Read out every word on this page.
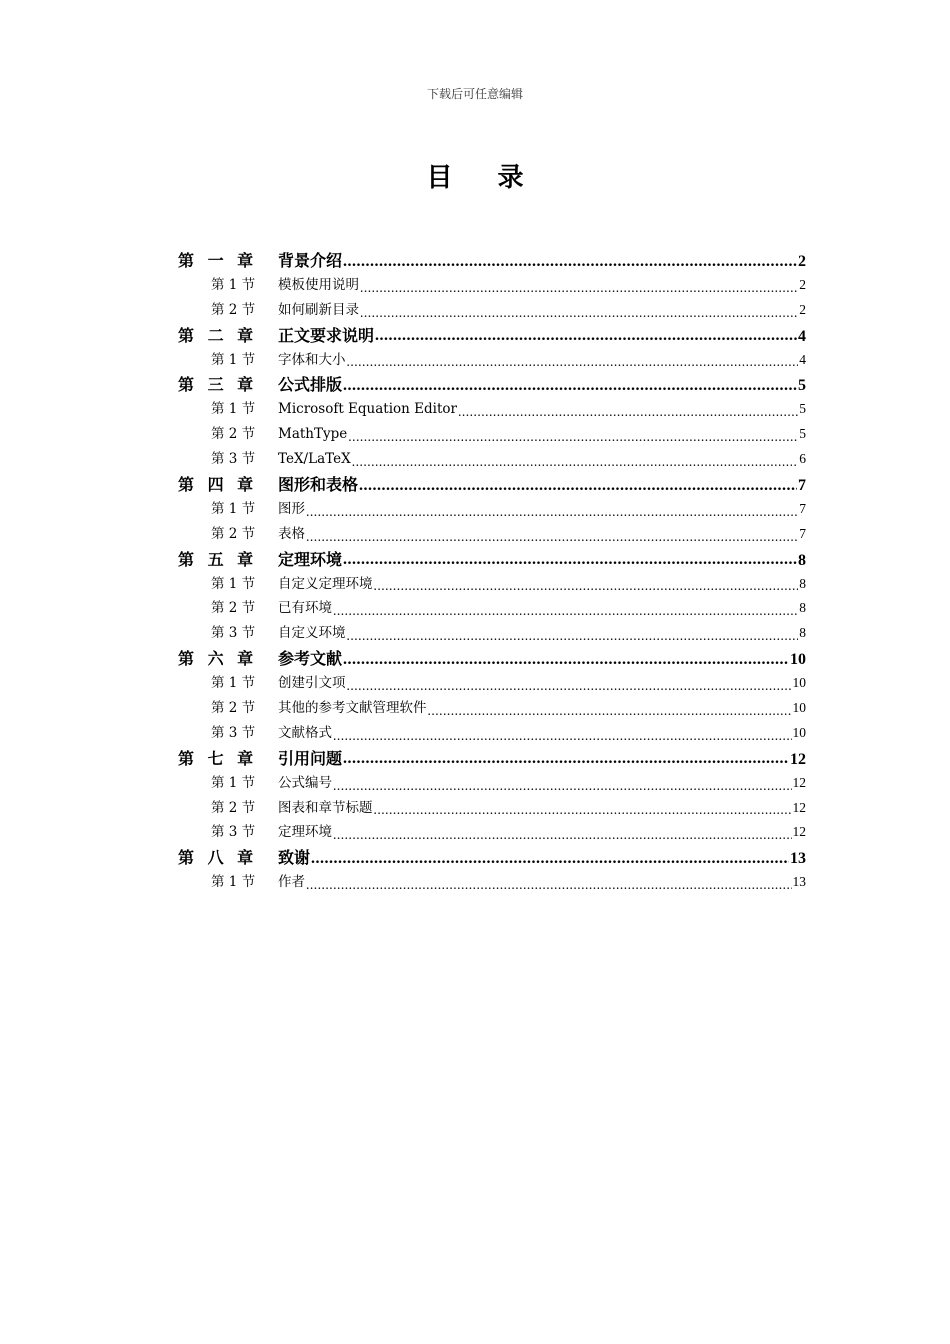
下载后可任意编辑
目 录
第 一 章	背景介绍 .....	2
第 1 节	模板使用说明 .....	2
第 2 节	如何刷新目录 .....	2
第 二 章	正文要求说明 .....	4
第 1 节	字体和大小 .....	4
第 三 章	公式排版 .....	5
第 1 节	Microsoft Equation Editor .....	5
第 2 节	MathType .....	5
第 3 节	TeX/LaTeX .....	6
第 四 章	图形和表格 .....	7
第 1 节	图形 .....	7
第 2 节	表格 .....	7
第 五 章	定理环境 .....	8
第 1 节	自定义定理环境 .....	8
第 2 节	已有环境 .....	8
第 3 节	自定义环境 .....	8
第 六 章	参考文献 .....	10
第 1 节	创建引文项 .....	10
第 2 节	其他的参考文献管理软件 .....	10
第 3 节	文献格式 .....	10
第 七 章	引用问题 .....	12
第 1 节	公式编号 .....	12
第 2 节	图表和章节标题 .....	12
第 3 节	定理环境 .....	12
第 八 章	致谢 .....	13
第 1 节	作者 .....	13
